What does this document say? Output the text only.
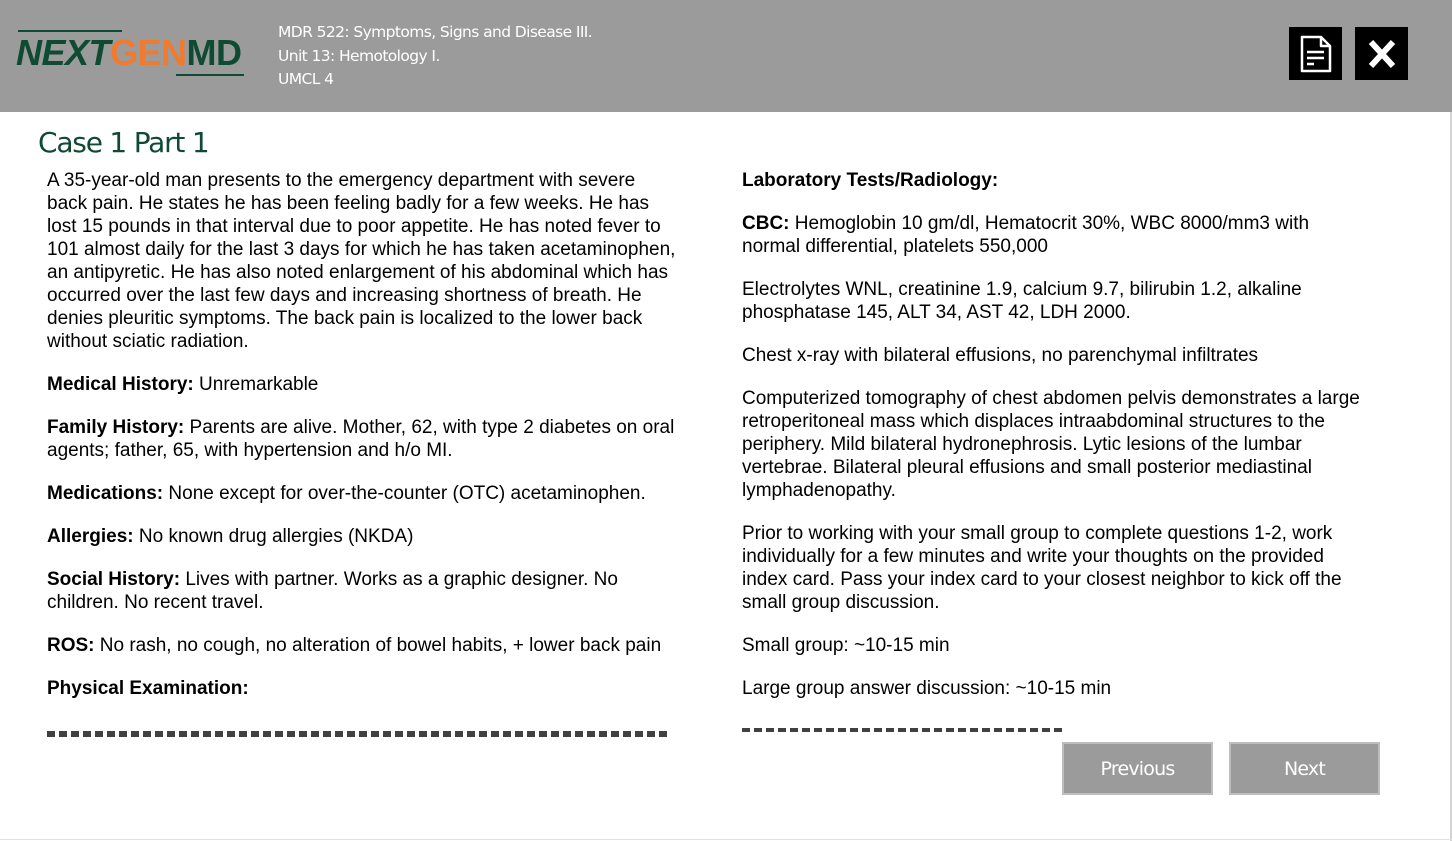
NEXTGENMD MDR 522: Symptoms, Signs and Disease III.
Unit 13: Hemotology I.
UMCL 4
Case 1 Part 1

A 35-year-old man presents to the emergency department with severe back pain. He states he has been feeling badly for a few weeks. He has lost 15 pounds in that interval due to poor appetite. He has noted fever to 101 almost daily for the last 3 days for which he has taken acetaminophen, an antipyretic. He has also noted enlargement of his abdominal which has occurred over the last few days and increasing shortness of breath. He denies pleuritic symptoms. The back pain is localized to the lower back without sciatic radiation.

Medical History: Unremarkable

Family History: Parents are alive. Mother, 62, with type 2 diabetes on oral agents; father, 65, with hypertension and h/o MI.

Medications: None except for over-the-counter (OTC) acetaminophen.

Allergies: No known drug allergies (NKDA)

Social History: Lives with partner. Works as a graphic designer. No children. No recent travel.

ROS: No rash, no cough, no alteration of bowel habits, + lower back pain

Physical Examination:

Laboratory Tests/Radiology:

CBC: Hemoglobin 10 gm/dl, Hematocrit 30%, WBC 8000/mm3 with normal differential, platelets 550,000

Electrolytes WNL, creatinine 1.9, calcium 9.7, bilirubin 1.2, alkaline phosphatase 145, ALT 34, AST 42, LDH 2000.

Chest x-ray with bilateral effusions, no parenchymal infiltrates

Computerized tomography of chest abdomen pelvis demonstrates a large retroperitoneal mass which displaces intraabdominal structures to the periphery. Mild bilateral hydronephrosis. Lytic lesions of the lumbar vertebrae. Bilateral pleural effusions and small posterior mediastinal lymphadenopathy.

Prior to working with your small group to complete questions 1-2, work individually for a few minutes and write your thoughts on the provided index card. Pass your index card to your closest neighbor to kick off the small group discussion.

Small group: ~10-15 min

Large group answer discussion: ~10-15 min

Previous	Next
